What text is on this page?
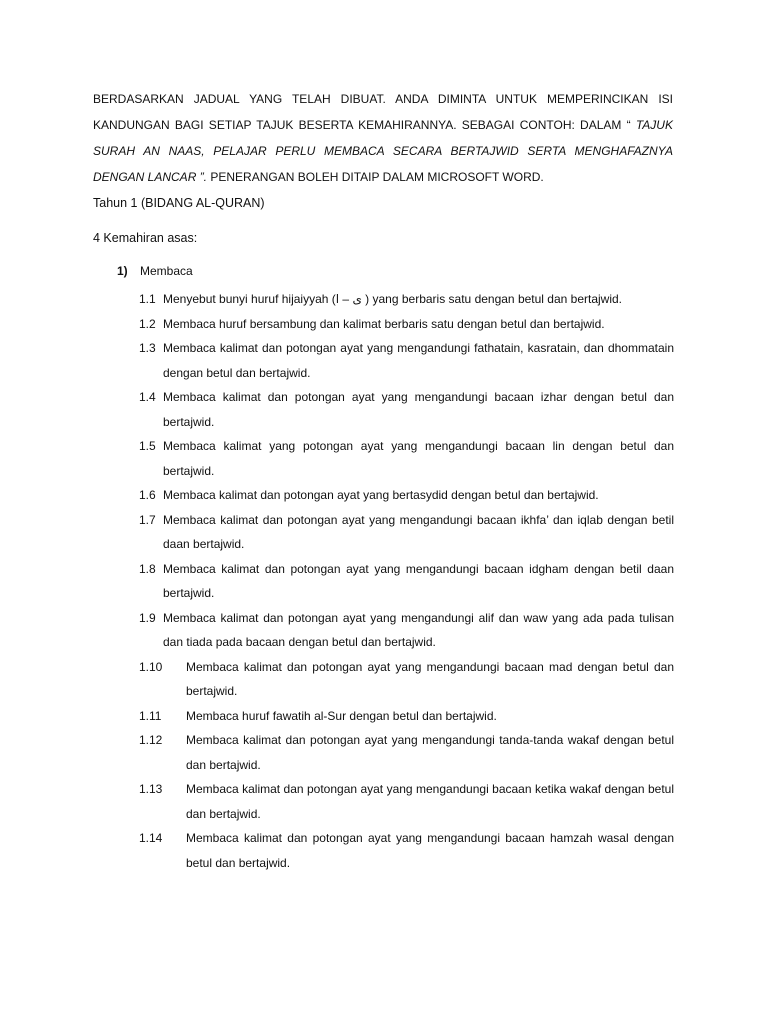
BERDASARKAN JADUAL YANG TELAH DIBUAT. ANDA DIMINTA UNTUK MEMPERINCIKAN ISI KANDUNGAN BAGI SETIAP TAJUK BESERTA KEMAHIRANNYA. SEBAGAI CONTOH: DALAM “ TAJUK SURAH AN NAAS, PELAJAR PERLU MEMBACA SECARA BERTAJWID SERTA MENGHAFAZNYA DENGAN LANCAR ”. PENERANGAN BOLEH DITAIP DALAM MICROSOFT WORD.
Tahun 1 (BIDANG AL-QURAN)
4 Kemahiran asas:
1) Membaca
1.1 Menyebut bunyi huruf hijaiyyah (ى – ا ) yang berbaris satu dengan betul dan bertajwid.
1.2 Membaca huruf bersambung dan kalimat berbaris satu dengan betul dan bertajwid.
1.3 Membaca kalimat dan potongan ayat yang mengandungi fathatain, kasratain, dan dhommatain dengan betul dan bertajwid.
1.4 Membaca kalimat dan potongan ayat yang mengandungi bacaan izhar dengan betul dan bertajwid.
1.5 Membaca kalimat yang potongan ayat yang mengandungi bacaan lin dengan betul dan bertajwid.
1.6 Membaca kalimat dan potongan ayat yang bertasydid dengan betul dan bertajwid.
1.7 Membaca kalimat dan potongan ayat yang mengandungi bacaan ikhfa’ dan iqlab dengan betil daan bertajwid.
1.8 Membaca kalimat dan potongan ayat yang mengandungi bacaan idgham dengan betil daan bertajwid.
1.9 Membaca kalimat dan potongan ayat yang mengandungi alif dan waw yang ada pada tulisan dan tiada pada bacaan dengan betul dan bertajwid.
1.10	Membaca kalimat dan potongan ayat yang mengandungi bacaan mad dengan betul dan bertajwid.
1.11	Membaca huruf fawatih al-Sur dengan betul dan bertajwid.
1.12	Membaca kalimat dan potongan ayat yang mengandungi tanda-tanda wakaf dengan betul dan bertajwid.
1.13	Membaca kalimat dan potongan ayat yang mengandungi bacaan ketika wakaf dengan betul dan bertajwid.
1.14	Membaca kalimat dan potongan ayat yang mengandungi bacaan hamzah wasal dengan betul dan bertajwid.
